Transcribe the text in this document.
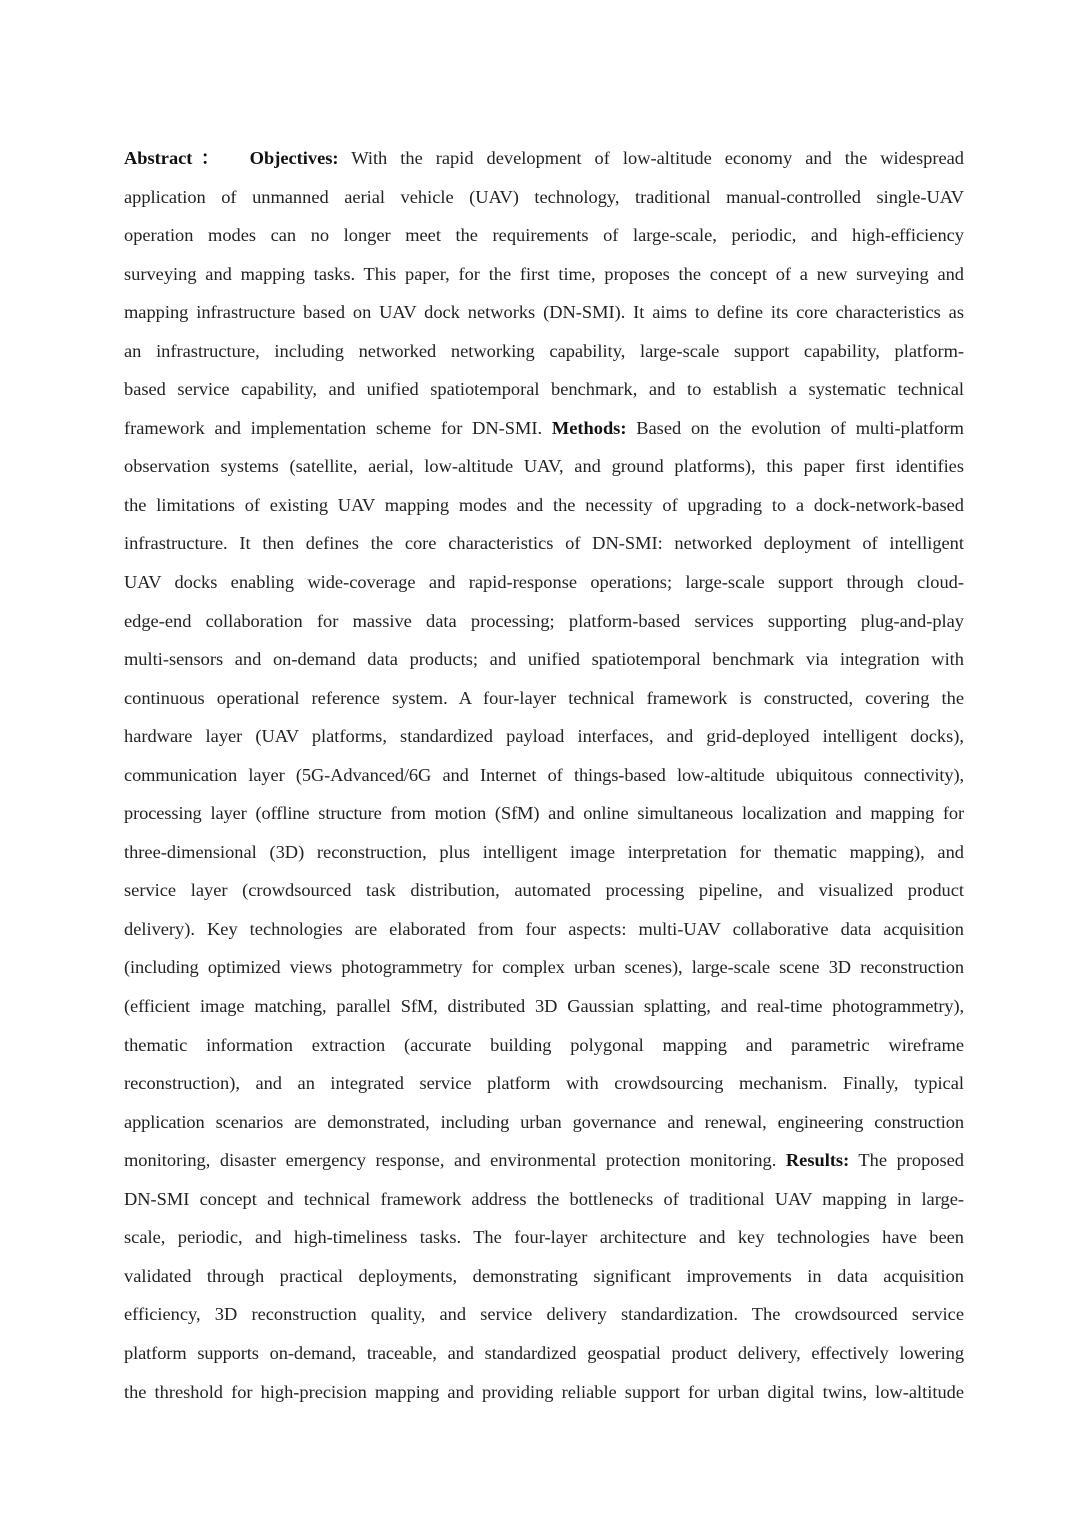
Abstract： Objectives: With the rapid development of low-altitude economy and the widespread
application of unmanned aerial vehicle (UAV) technology, traditional manual-controlled single-UAV
operation modes can no longer meet the requirements of large-scale, periodic, and high-efficiency
surveying and mapping tasks. This paper, for the first time, proposes the concept of a new surveying and
mapping infrastructure based on UAV dock networks (DN-SMI). It aims to define its core characteristics as
an infrastructure, including networked networking capability, large-scale support capability, platform-
based service capability, and unified spatiotemporal benchmark, and to establish a systematic technical
framework and implementation scheme for DN-SMI. Methods: Based on the evolution of multi-platform
observation systems (satellite, aerial, low-altitude UAV, and ground platforms), this paper first identifies
the limitations of existing UAV mapping modes and the necessity of upgrading to a dock-network-based
infrastructure. It then defines the core characteristics of DN-SMI: networked deployment of intelligent
UAV docks enabling wide-coverage and rapid-response operations; large-scale support through cloud-
edge-end collaboration for massive data processing; platform-based services supporting plug-and-play
multi-sensors and on-demand data products; and unified spatiotemporal benchmark via integration with
continuous operational reference system. A four-layer technical framework is constructed, covering the
hardware layer (UAV platforms, standardized payload interfaces, and grid-deployed intelligent docks),
communication layer (5G-Advanced/6G and Internet of things-based low-altitude ubiquitous connectivity),
processing layer (offline structure from motion (SfM) and online simultaneous localization and mapping for
three-dimensional (3D) reconstruction, plus intelligent image interpretation for thematic mapping), and
service layer (crowdsourced task distribution, automated processing pipeline, and visualized product
delivery). Key technologies are elaborated from four aspects: multi-UAV collaborative data acquisition
(including optimized views photogrammetry for complex urban scenes), large-scale scene 3D reconstruction
(efficient image matching, parallel SfM, distributed 3D Gaussian splatting, and real-time photogrammetry),
thematic information extraction (accurate building polygonal mapping and parametric wireframe
reconstruction), and an integrated service platform with crowdsourcing mechanism. Finally, typical
application scenarios are demonstrated, including urban governance and renewal, engineering construction
monitoring, disaster emergency response, and environmental protection monitoring. Results: The proposed
DN-SMI concept and technical framework address the bottlenecks of traditional UAV mapping in large-
scale, periodic, and high-timeliness tasks. The four-layer architecture and key technologies have been
validated through practical deployments, demonstrating significant improvements in data acquisition
efficiency, 3D reconstruction quality, and service delivery standardization. The crowdsourced service
platform supports on-demand, traceable, and standardized geospatial product delivery, effectively lowering
the threshold for high-precision mapping and providing reliable support for urban digital twins, low-altitude
